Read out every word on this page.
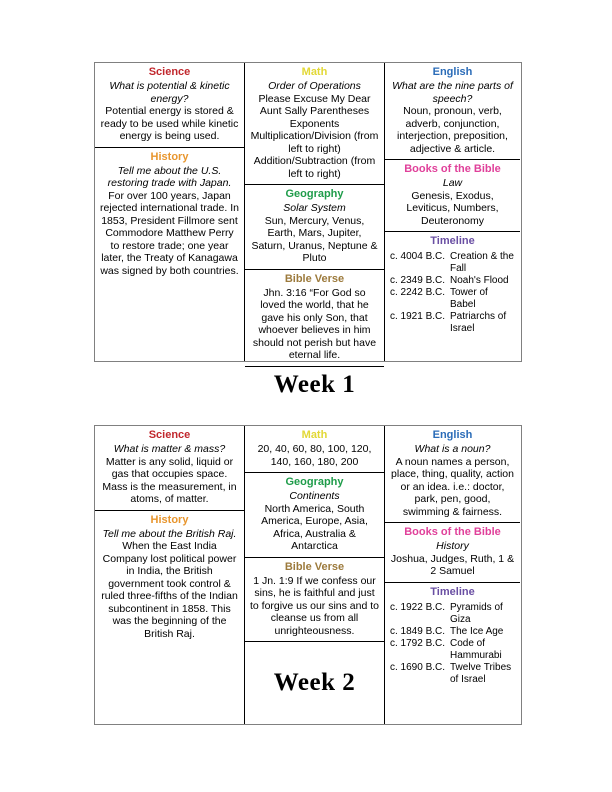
Science
What is potential & kinetic energy?
Potential energy is stored & ready to be used while kinetic energy is being used.
History
Tell me about the U.S. restoring trade with Japan.
For over 100 years, Japan rejected international trade. In 1853, President Fillmore sent Commodore Matthew Perry to restore trade; one year later, the Treaty of Kanagawa was signed by both countries.
Math
Order of Operations
Please Excuse My Dear Aunt Sally Parentheses Exponents Multiplication/Division (from left to right) Addition/Subtraction (from left to right)
Geography
Solar System
Sun, Mercury, Venus, Earth, Mars, Jupiter, Saturn, Uranus, Neptune & Pluto
Bible Verse
Jhn. 3:16 “For God so loved the world, that he gave his only Son, that whoever believes in him should not perish but have eternal life.
Week 1
English
What are the nine parts of speech?
Noun, pronoun, verb, adverb, conjunction, interjection, preposition, adjective & article.
Books of the Bible
Law
Genesis, Exodus, Leviticus, Numbers, Deuteronomy
Timeline
c. 4004 B.C. Creation & the Fall
c. 2349 B.C. Noah's Flood
c. 2242 B.C. Tower of Babel
c. 1921 B.C. Patriarchs of Israel
Science
What is matter & mass?
Matter is any solid, liquid or gas that occupies space. Mass is the measurement, in atoms, of matter.
History
Tell me about the British Raj.
When the East India Company lost political power in India, the British government took control & ruled three-fifths of the Indian subcontinent in 1858. This was the beginning of the British Raj.
Math
20, 40, 60, 80, 100, 120, 140, 160, 180, 200
Geography
Continents
North America, South America, Europe, Asia, Africa, Australia & Antarctica
Bible Verse
1 Jn. 1:9 If we confess our sins, he is faithful and just to forgive us our sins and to cleanse us from all unrighteousness.
Week 2
English
What is a noun?
A noun names a person, place, thing, quality, action or an idea. i.e.: doctor, park, pen, good, swimming & fairness.
Books of the Bible
History
Joshua, Judges, Ruth, 1 & 2 Samuel
Timeline
c. 1922 B.C. Pyramids of Giza
c. 1849 B.C. The Ice Age
c. 1792 B.C. Code of Hammurabi
c. 1690 B.C. Twelve Tribes of Israel
